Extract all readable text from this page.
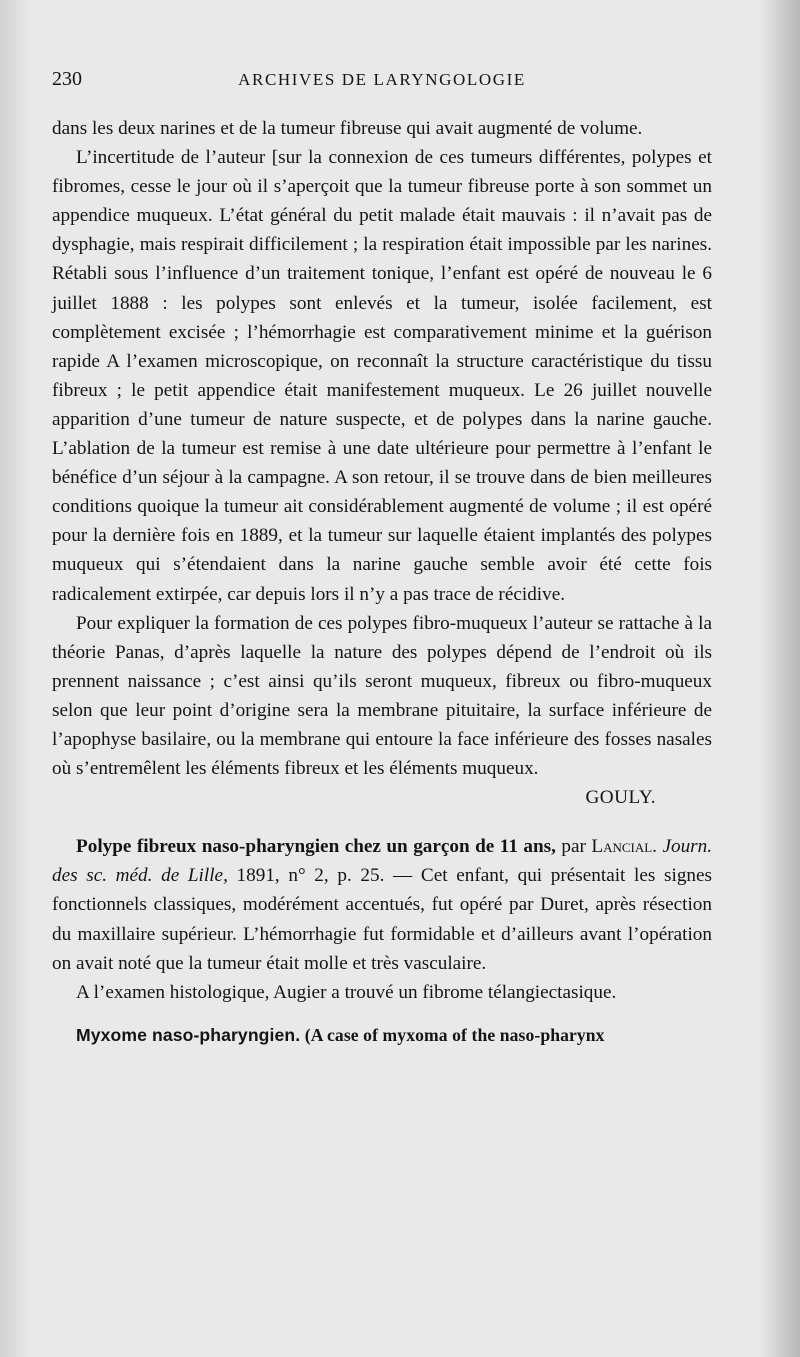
230	ARCHIVES DE LARYNGOLOGIE

dans les deux narines et de la tumeur fibreuse qui avait augmenté de volume.

L’incertitude de l’auteur [sur la connexion de ces tumeurs différentes, polypes et fibromes, cesse le jour où il s’aperçoit que la tumeur fibreuse porte à son sommet un appendice muqueux. L’état général du petit malade était mauvais : il n’avait pas de dysphagie, mais respirait difficilement ; la respiration était impossible par les narines. Rétabli sous l’influence d’un traitement tonique, l’enfant est opéré de nouveau le 6 juillet 1888 : les polypes sont enlevés et la tumeur, isolée facilement, est complètement excisée ; l’hémorrhagie est comparativement minime et la guérison rapide A l’examen microscopique, on reconnaît la structure caractéristique du tissu fibreux ; le petit appendice était manifestement muqueux. Le 26 juillet nouvelle apparition d’une tumeur de nature suspecte, et de polypes dans la narine gauche. L’ablation de la tumeur est remise à une date ultérieure pour permettre à l’enfant le bénéfice d’un séjour à la campagne. A son retour, il se trouve dans de bien meilleures conditions quoique la tumeur ait considérablement augmenté de volume ; il est opéré pour la dernière fois en 1889, et la tumeur sur laquelle étaient implantés des polypes muqueux qui s’étendaient dans la narine gauche semble avoir été cette fois radicalement extirpée, car depuis lors il n’y a pas trace de récidive.

Pour expliquer la formation de ces polypes fibro-muqueux l’auteur se rattache à la théorie Panas, d’après laquelle la nature des polypes dépend de l’endroit où ils prennent naissance ; c’est ainsi qu’ils seront muqueux, fibreux ou fibro-muqueux selon que leur point d’origine sera la membrane pituitaire, la surface inférieure de l’apophyse basilaire, ou la membrane qui entoure la face inférieure des fosses nasales où s’entremêlent les éléments fibreux et les éléments muqueux.

GOULY.

Polype fibreux naso-pharyngien chez un garçon de 11 ans, par Lancial. Journ. des sc. méd. de Lille, 1891, n° 2, p. 25. — Cet enfant, qui présentait les signes fonctionnels classiques, modérément accentués, fut opéré par Duret, après résection du maxillaire supérieur. L’hémorrhagie fut formidable et d’ailleurs avant l’opération on avait noté que la tumeur était molle et très vasculaire.

A l’examen histologique, Augier a trouvé un fibrome télangiectasique.

Myxome naso-pharyngien. (A case of myxoma of the naso-pharynx
